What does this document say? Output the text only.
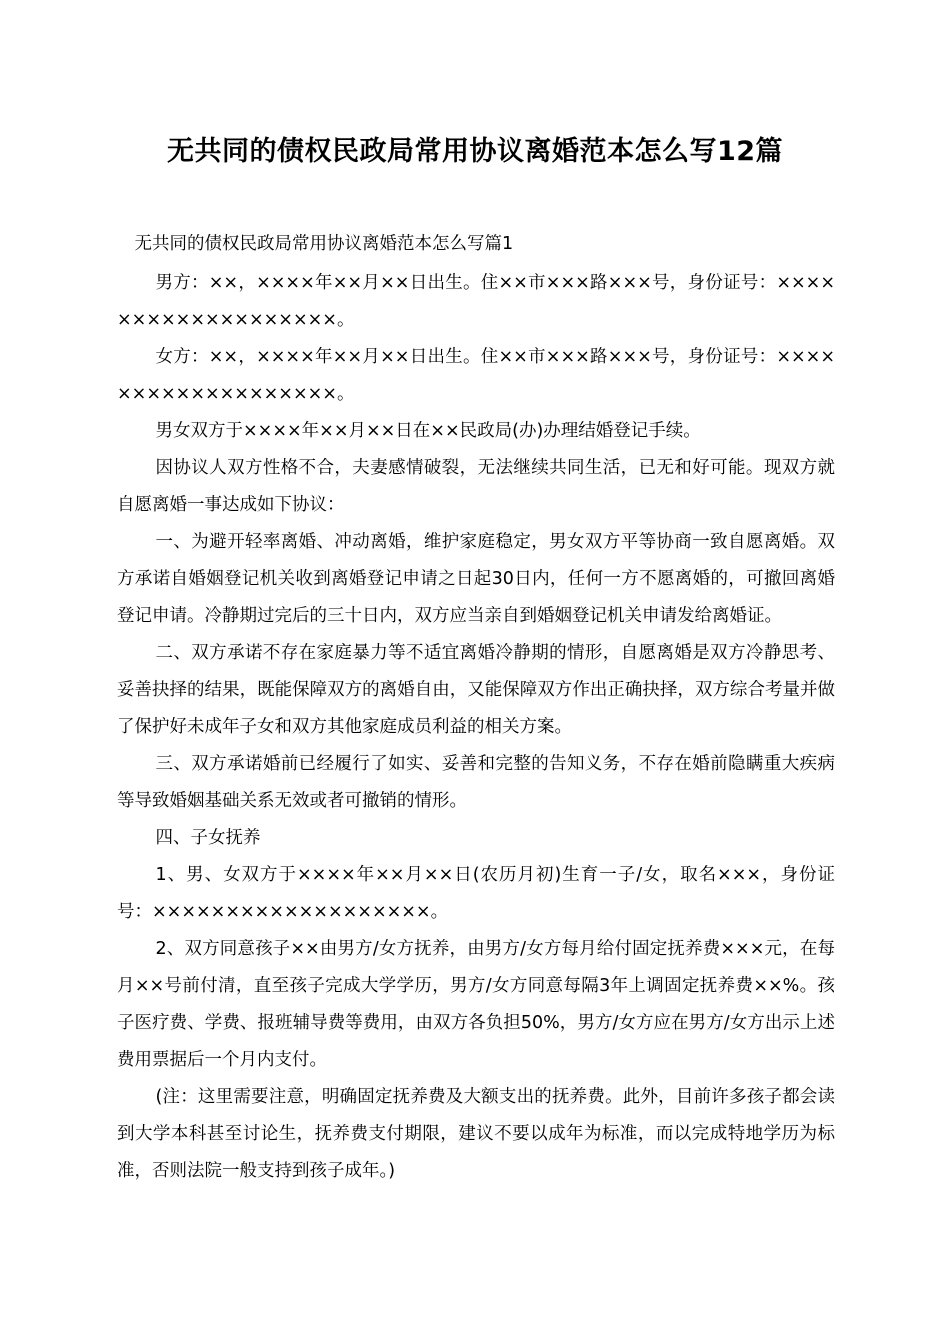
无共同的债权民政局常用协议离婚范本怎么写12篇

无共同的债权民政局常用协议离婚范本怎么写篇1

男方：××，××××年××月××日出生。住××市×××路×××号，身份证号：×××××××××××××××××××。

女方：××，××××年××月××日出生。住××市×××路×××号，身份证号：×××××××××××××××××××。

男女双方于××××年××月××日在××民政局(办)办理结婚登记手续。

因协议人双方性格不合，夫妻感情破裂，无法继续共同生活，已无和好可能。现双方就自愿离婚一事达成如下协议：

一、为避开轻率离婚、冲动离婚，维护家庭稳定，男女双方平等协商一致自愿离婚。双方承诺自婚姻登记机关收到离婚登记申请之日起30日内，任何一方不愿离婚的，可撤回离婚登记申请。冷静期过完后的三十日内，双方应当亲自到婚姻登记机关申请发给离婚证。

二、双方承诺不存在家庭暴力等不适宜离婚冷静期的情形，自愿离婚是双方冷静思考、妥善抉择的结果，既能保障双方的离婚自由，又能保障双方作出正确抉择，双方综合考量并做了保护好未成年子女和双方其他家庭成员利益的相关方案。

三、双方承诺婚前已经履行了如实、妥善和完整的告知义务，不存在婚前隐瞒重大疾病等导致婚姻基础关系无效或者可撤销的情形。

四、子女抚养

1、男、女双方于××××年××月××日(农历月初)生育一子/女，取名×××，身份证号：×××××××××××××××××××。

2、双方同意孩子××由男方/女方抚养，由男方/女方每月给付固定抚养费×××元，在每月××号前付清，直至孩子完成大学学历，男方/女方同意每隔3年上调固定抚养费××%。孩子医疗费、学费、报班辅导费等费用，由双方各负担50%，男方/女方应在男方/女方出示上述费用票据后一个月内支付。

(注：这里需要注意，明确固定抚养费及大额支出的抚养费。此外，目前许多孩子都会读到大学本科甚至讨论生，抚养费支付期限，建议不要以成年为标准，而以完成特地学历为标准，否则法院一般支持到孩子成年。)
